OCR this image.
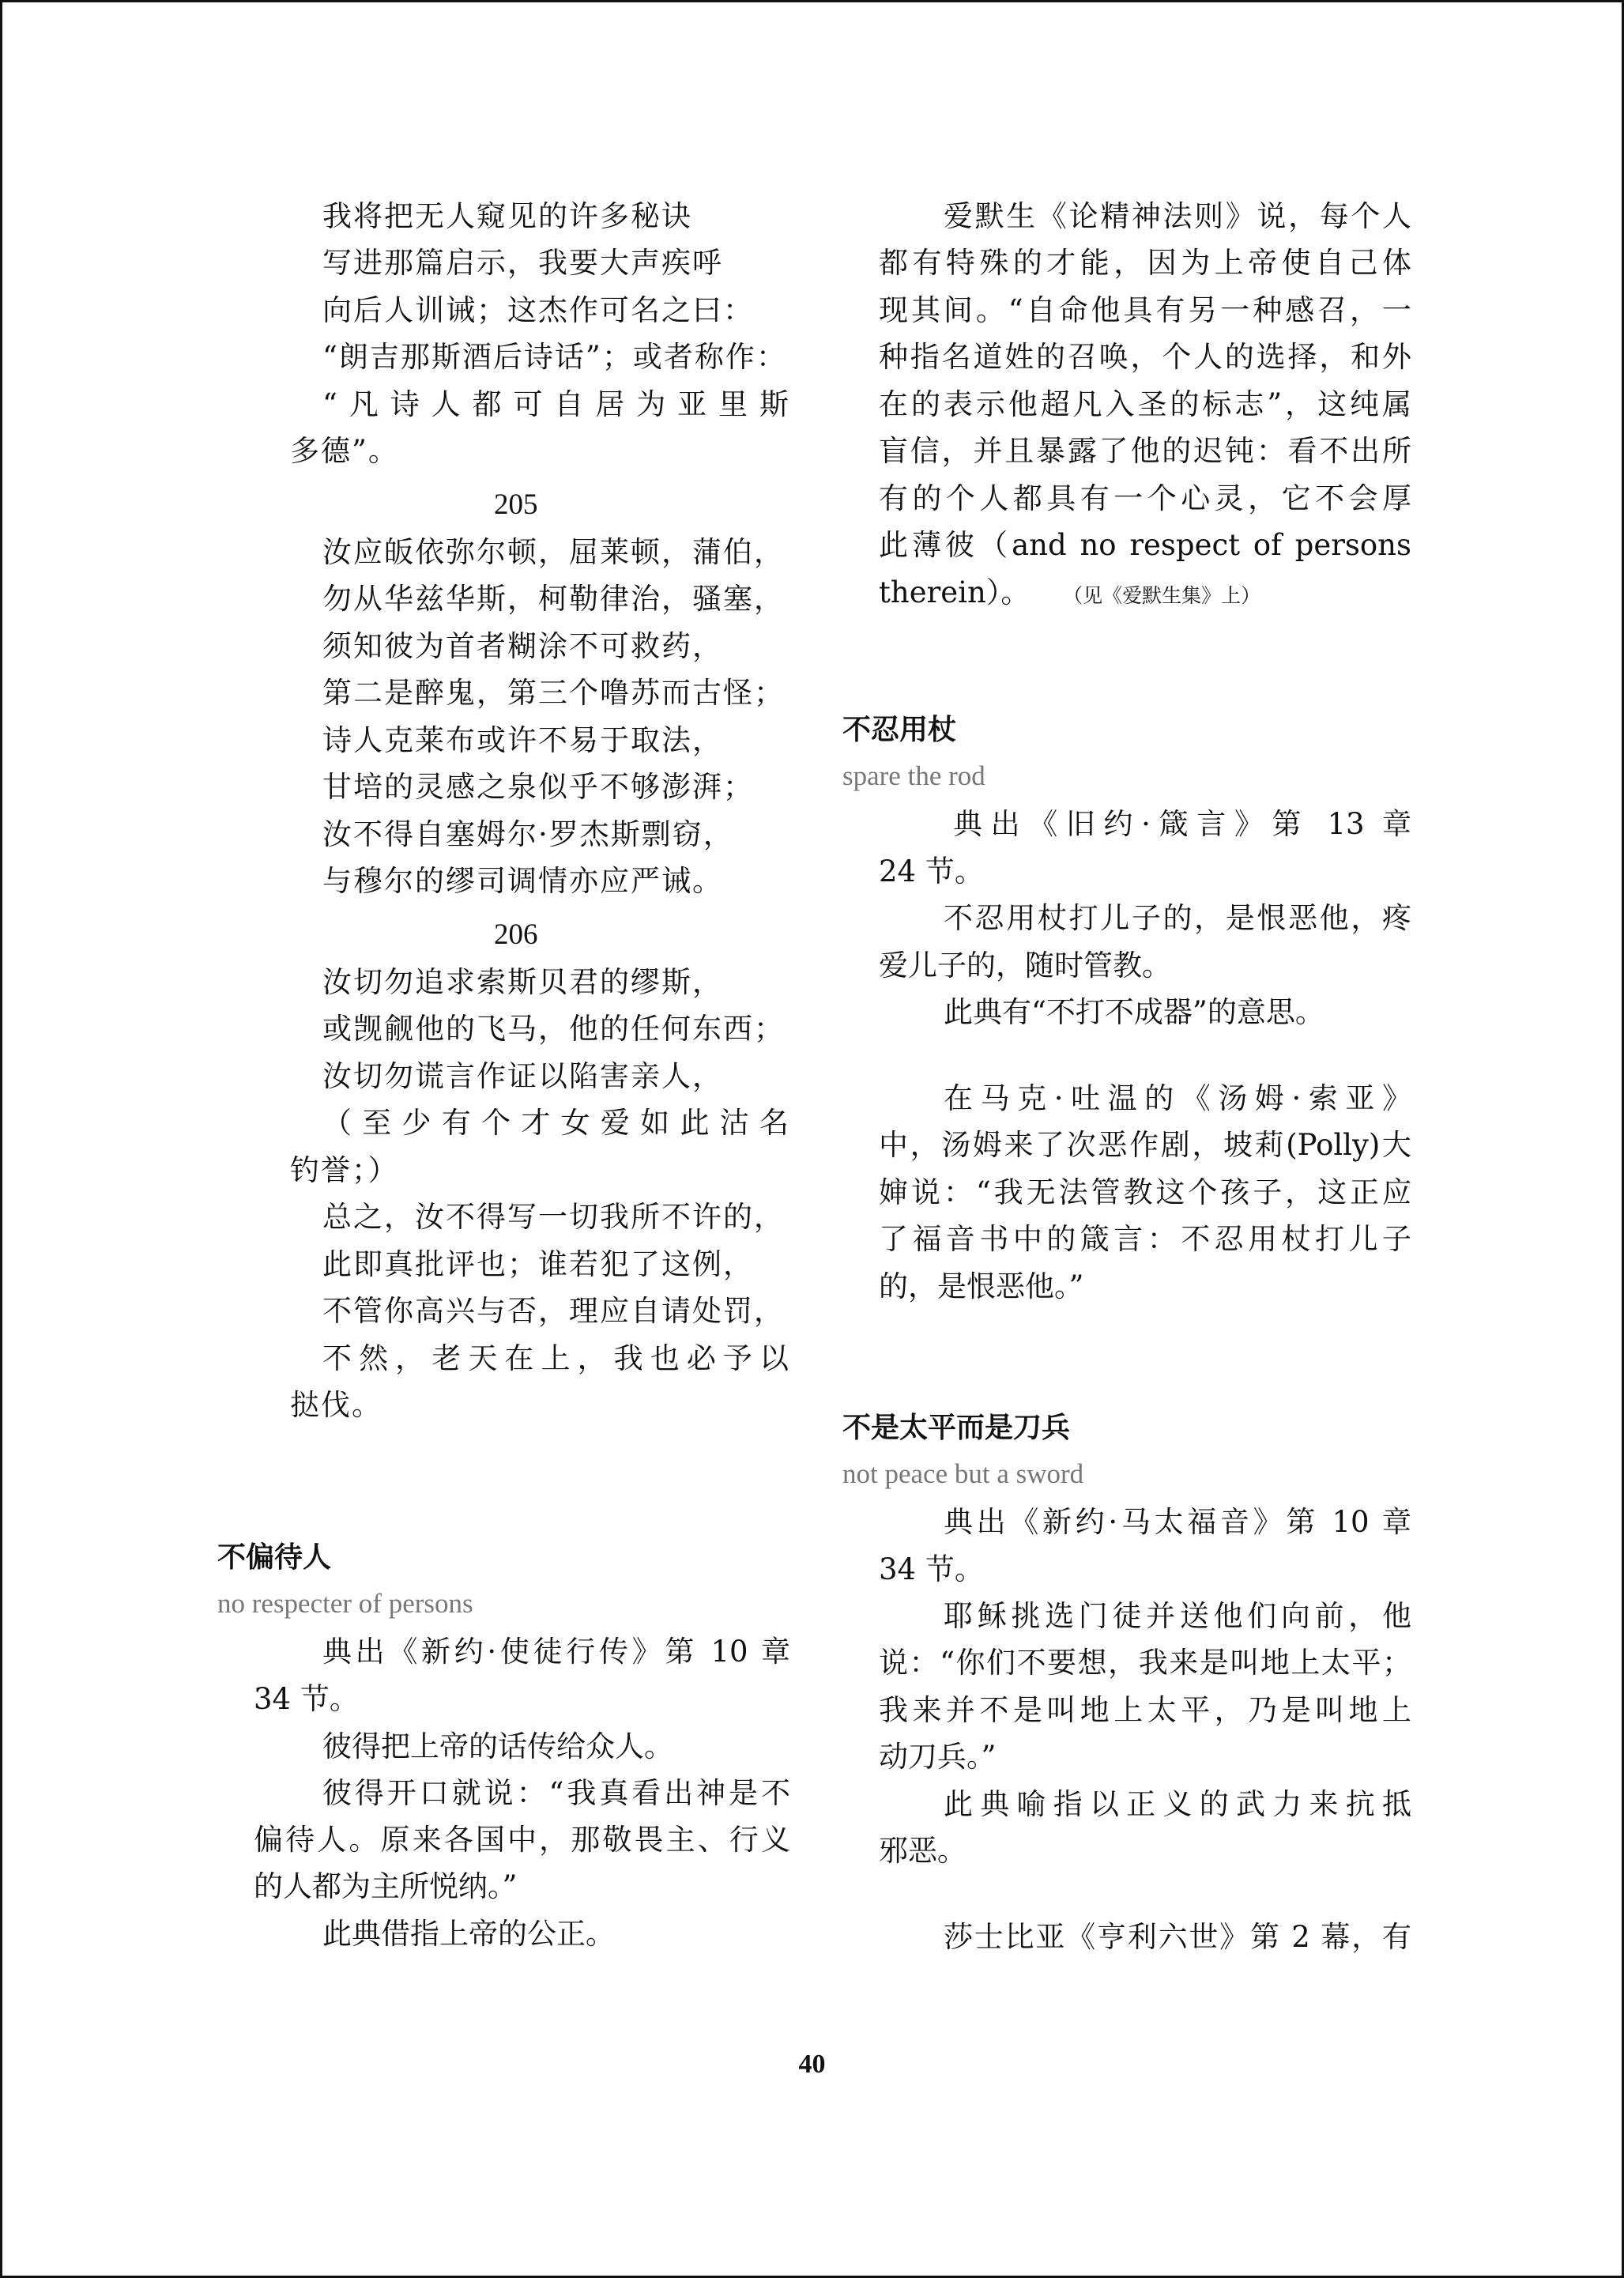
我将把无人窥见的许多秘诀
写进那篇启示，我要大声疾呼
向后人训诫；这杰作可名之曰：
“朗吉那斯酒后诗话”；或者称作：
“凡诗人都可自居为亚里斯
多德”。
205
汝应皈依弥尔顿，屈莱顿，蒲伯，
勿从华兹华斯，柯勒律治，骚塞，
须知彼为首者糊涂不可救药，
第二是醉鬼，第三个噜苏而古怪；
诗人克莱布或许不易于取法，
甘培的灵感之泉似乎不够澎湃；
汝不得自塞姆尔·罗杰斯剽窃，
与穆尔的缪司调情亦应严诫。
206
汝切勿追求索斯贝君的缪斯，
或觊觎他的飞马，他的任何东西；
汝切勿谎言作证以陷害亲人，
（至少有个才女爱如此沽名
钓誉；）
总之，汝不得写一切我所不许的，
此即真批评也；谁若犯了这例，
不管你高兴与否，理应自请处罚，
不然，老天在上，我也必予以
挞伐。
不偏待人
no respecter of persons
典出《新约·使徒行传》第 10 章
34 节。
彼得把上帝的话传给众人。
彼得开口就说：“我真看出神是不
偏待人。原来各国中，那敬畏主、行义
的人都为主所悦纳。”
此典借指上帝的公正。
爱默生《论精神法则》说，每个人
都有特殊的才能，因为上帝使自己体
现其间。“自命他具有另一种感召，一
种指名道姓的召唤，个人的选择，和外
在的表示他超凡入圣的标志”，这纯属
盲信，并且暴露了他的迟钝：看不出所
有的个人都具有一个心灵，它不会厚
此薄彼（and no respect of persons
therein）。 （见《爱默生集》上）
不忍用杖
spare the rod
典出《旧约·箴言》第 13 章
24 节。
不忍用杖打儿子的，是恨恶他，疼
爱儿子的，随时管教。
此典有“不打不成器”的意思。
在马克·吐温的《汤姆·索亚》
中，汤姆来了次恶作剧，坡莉(Polly)大
婶说：“我无法管教这个孩子，这正应
了福音书中的箴言：不忍用杖打儿子
的，是恨恶他。”
不是太平而是刀兵
not peace but a sword
典出《新约·马太福音》第 10 章
34 节。
耶稣挑选门徒并送他们向前，他
说：“你们不要想，我来是叫地上太平；
我来并不是叫地上太平，乃是叫地上
动刀兵。”
此典喻指以正义的武力来抗抵
邪恶。
莎士比亚《亨利六世》第 2 幕，有
40
